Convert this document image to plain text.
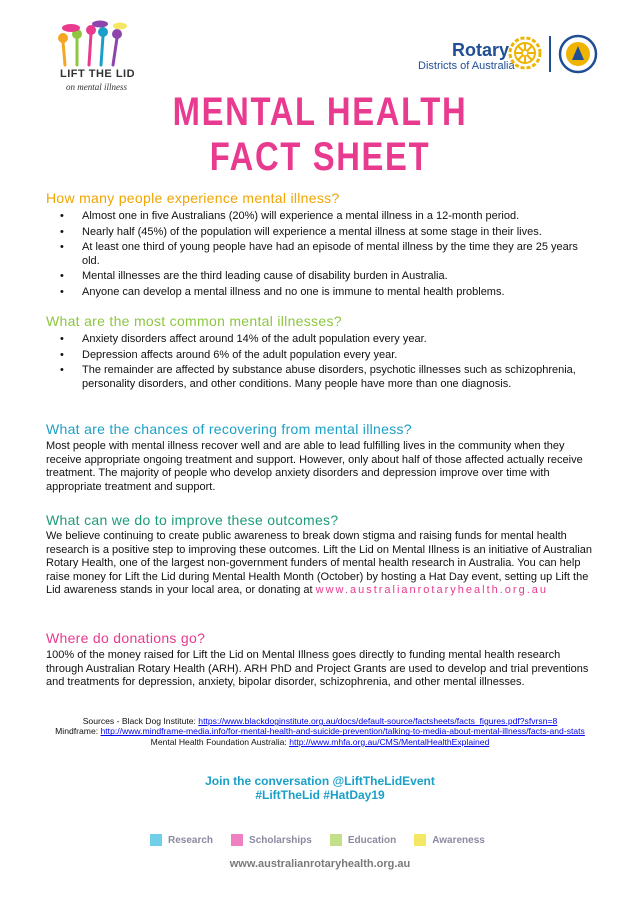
LIFT THE LID
on mental illness
Rotary
Districts of Australia
MENTAL HEALTH
FACT SHEET
How many people experience mental illness?
• Almost one in five Australians (20%) will experience a mental illness in a 12-month period.
• Nearly half (45%) of the population will experience a mental illness at some stage in their lives.
• At least one third of young people have had an episode of mental illness by the time they are 25 years old.
• Mental illnesses are the third leading cause of disability burden in Australia.
• Anyone can develop a mental illness and no one is immune to mental health problems.
What are the most common mental illnesses?
• Anxiety disorders affect around 14% of the adult population every year.
• Depression affects around 6% of the adult population every year.
• The remainder are affected by substance abuse disorders, psychotic illnesses such as schizophrenia, personality disorders, and other conditions. Many people have more than one diagnosis.
What are the chances of recovering from mental illness?
Most people with mental illness recover well and are able to lead fulfilling lives in the community when they receive appropriate ongoing treatment and support. However, only about half of those affected actually receive treatment. The majority of people who develop anxiety disorders and depression improve over time with appropriate treatment and support.
What can we do to improve these outcomes?
We believe continuing to create public awareness to break down stigma and raising funds for mental health research is a positive step to improving these outcomes. Lift the Lid on Mental Illness is an initiative of Australian Rotary Health, one of the largest non-government funders of mental health research in Australia. You can help raise money for Lift the Lid during Mental Health Month (October) by hosting a Hat Day event, setting up Lift the Lid awareness stands in your local area, or donating at www.australianrotaryhealth.org.au
Where do donations go?
100% of the money raised for Lift the Lid on Mental Illness goes directly to funding mental health research through Australian Rotary Health (ARH). ARH PhD and Project Grants are used to develop and trial preventions and treatments for depression, anxiety, bipolar disorder, schizophrenia, and other mental illnesses.
Sources - Black Dog Institute: https://www.blackdoginstitute.org.au/docs/default-source/factsheets/facts_figures.pdf?sfvrsn=8
Mindframe: http://www.mindframe-media.info/for-mental-health-and-suicide-prevention/talking-to-media-about-mental-illness/facts-and-stats
Mental Health Foundation Australia: http://www.mhfa.org.au/CMS/MentalHealthExplained
Join the conversation @LiftTheLidEvent
#LiftTheLid #HatDay19
Research	Scholarships	Education	Awareness
www.australianrotaryhealth.org.au
